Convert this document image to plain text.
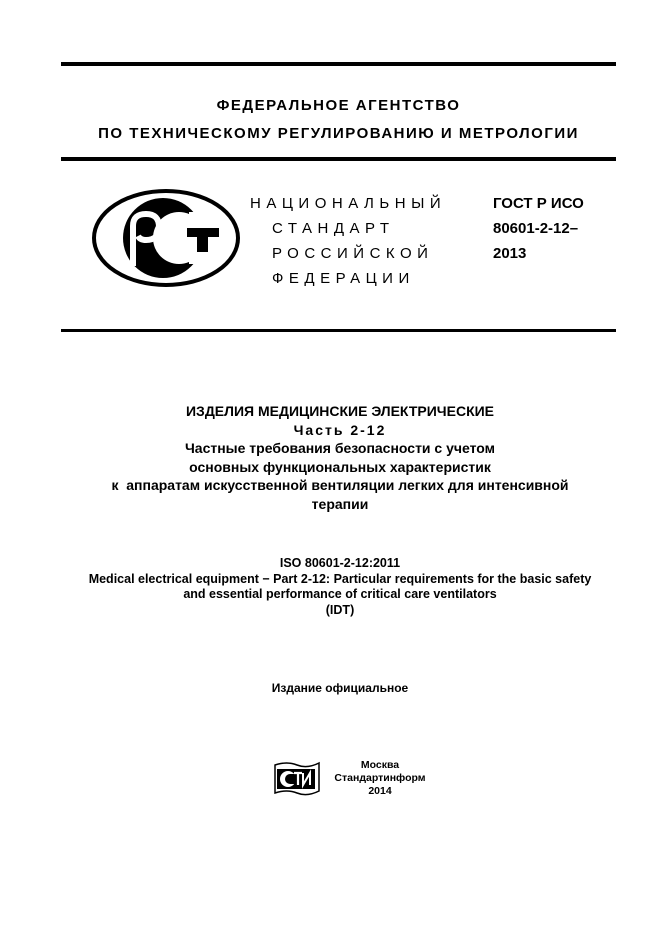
ФЕДЕРАЛЬНОЕ АГЕНТСТВО
ПО ТЕХНИЧЕСКОМУ РЕГУЛИРОВАНИЮ И МЕТРОЛОГИИ
НАЦИОНАЛЬНЫЙ
СТАНДАРТ
РОССИЙСКОЙ
ФЕДЕРАЦИИ
ГОСТ Р ИСО
80601-2-12–
2013
ИЗДЕЛИЯ МЕДИЦИНСКИЕ ЭЛЕКТРИЧЕСКИЕ
Часть 2-12
Частные требования безопасности с учетом
основных функциональных характеристик
к  аппаратам искусственной вентиляции легких для интенсивной
терапии
ISO 80601-2-12:2011
Medical electrical equipment − Part 2-12: Particular requirements for the basic safety
and essential performance of critical care ventilators
(IDT)
Издание официальное
Москва
Стандартинформ
2014
